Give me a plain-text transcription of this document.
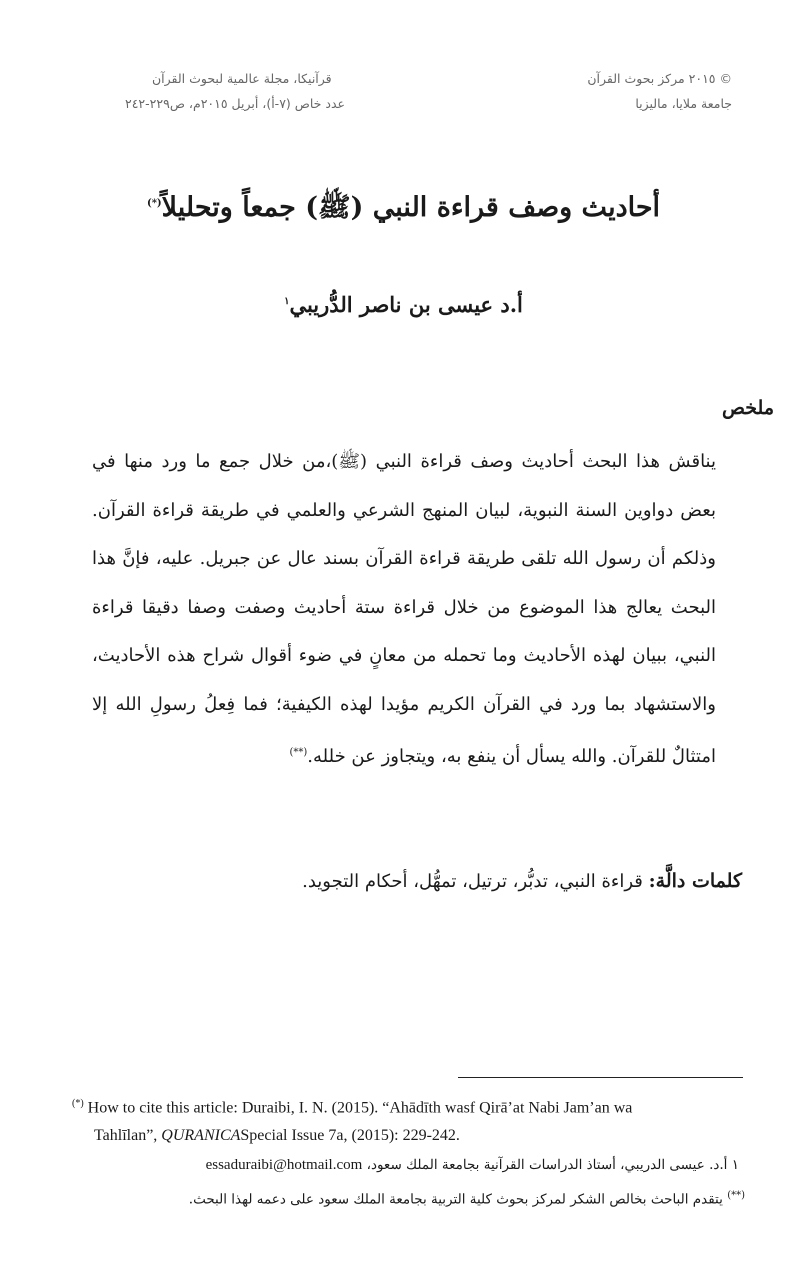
قرآنيكا، مجلة عالمية لبحوث القرآن
عدد خاص (٧-أ)، أبريل ٢٠١٥م، ص٢٢٩-٢٤٢
© ٢٠١٥ مركز بحوث القرآن
جامعة ملايا، ماليزيا
أحاديث وصف قراءة النبي (ﷺ) جمعاً وتحليلاً(*)
أ.د عيسى بن ناصر الدُّريبي$^١$
ملخص
يناقش هذا البحث أحاديث وصف قراءة النبي (ﷺ)،من خلال جمع ما ورد منها في بعض دواوين السنة النبوية، لبيان المنهج الشرعي والعلمي في طريقة قراءة القرآن. وذلكم أن رسول الله تلقى طريقة قراءة القرآن بسند عال عن جبريل. عليه، فإنَّ هذا البحث يعالج هذا الموضوع من خلال قراءة ستة أحاديث وصفت وصفا دقيقا قراءة النبي، ببيان لهذه الأحاديث وما تحمله من معانٍ في ضوء أقوال شراح هذه الأحاديث، والاستشهاد بما ورد في القرآن الكريم مؤيدا لهذه الكيفية؛ فما فِعلُ رسولِ الله إلا امتثالٌ للقرآن. والله يسأل أن ينفع به، ويتجاوز عن خلله.(**)
كلمات دالَّة: قراءة النبي، تدبُّر، ترتيل، تمهُّل، أحكام التجويد.
(*) How to cite this article: Duraibi, I. N. (2015). “Ahādīth wasf Qirā’at Nabi Jam’an wa
Tahlīlan”, QURANICASpecial Issue 7a, (2015): 229-242.
١ أ.د. عيسى الدريبي، أستاذ الدراسات القرآنية بجامعة الملك سعود، essaduraibi@hotmail.com
(**) يتقدم الباحث بخالص الشكر لمركز بحوث كلية التربية بجامعة الملك سعود على دعمه لهذا البحث.
